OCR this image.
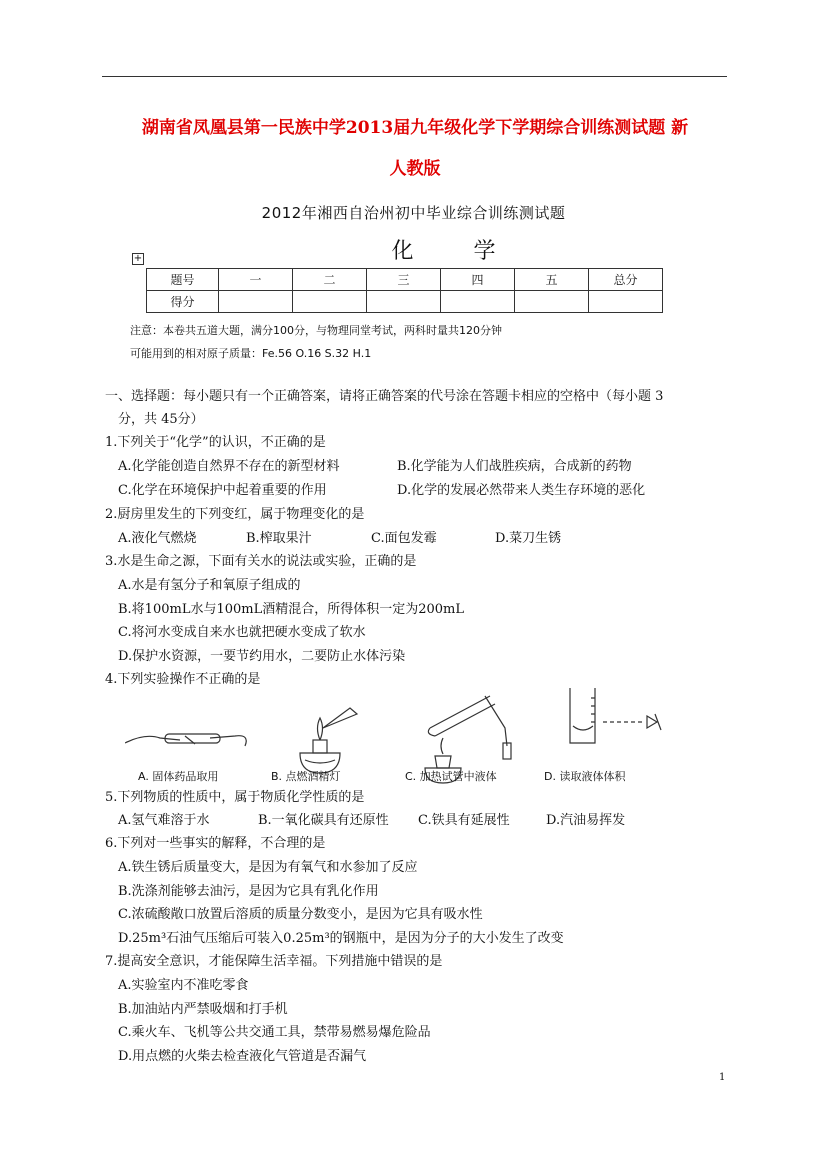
湖南省凤凰县第一民族中学2013届九年级化学下学期综合训练测试题 新
人教版
2012年湘西自治州初中毕业综合训练测试题
化学
+
题号	一	二	三	四	五	总分
得分						
注意：本卷共五道大题，满分100分，与物理同堂考试，两科时量共120分钟
可能用到的相对原子质量：Fe.56 O.16 S.32 H.1
一、选择题：每小题只有一个正确答案，请将正确答案的代号涂在答题卡相应的空格中（每小题 3
分，共 45分）
1.下列关于“化学”的认识，不正确的是
A.化学能创造自然界不存在的新型材料	B.化学能为人们战胜疾病，合成新的药物
C.化学在环境保护中起着重要的作用	D.化学的发展必然带来人类生存环境的恶化
2.厨房里发生的下列变红，属于物理变化的是
A.液化气燃烧	B.榨取果汁	C.面包发霉	D.菜刀生锈
3.水是生命之源，下面有关水的说法或实验，正确的是
A.水是有氢分子和氧原子组成的
B.将100mL水与100mL酒精混合，所得体积一定为200mL
C.将河水变成自来水也就把硬水变成了软水
D.保护水资源，一要节约用水，二要防止水体污染
4.下列实验操作不正确的是
A. 固体药品取用	B. 点燃酒精灯	C. 加热试管中液体	D. 读取液体体积
5.下列物质的性质中，属于物质化学性质的是
A.氢气难溶于水	B.一氧化碳具有还原性 C.铁具有延展性	D.汽油易挥发
6.下列对一些事实的解释，不合理的是
A.铁生锈后质量变大，是因为有氧气和水参加了反应
B.洗涤剂能够去油污，是因为它具有乳化作用
C.浓硫酸敞口放置后溶质的质量分数变小，是因为它具有吸水性
D.25m³石油气压缩后可装入0.25m³的钢瓶中，是因为分子的大小发生了改变
7.提高安全意识，才能保障生活幸福。下列措施中错误的是
A.实验室内不准吃零食
B.加油站内严禁吸烟和打手机
C.乘火车、飞机等公共交通工具，禁带易燃易爆危险品
D.用点燃的火柴去检查液化气管道是否漏气
1
